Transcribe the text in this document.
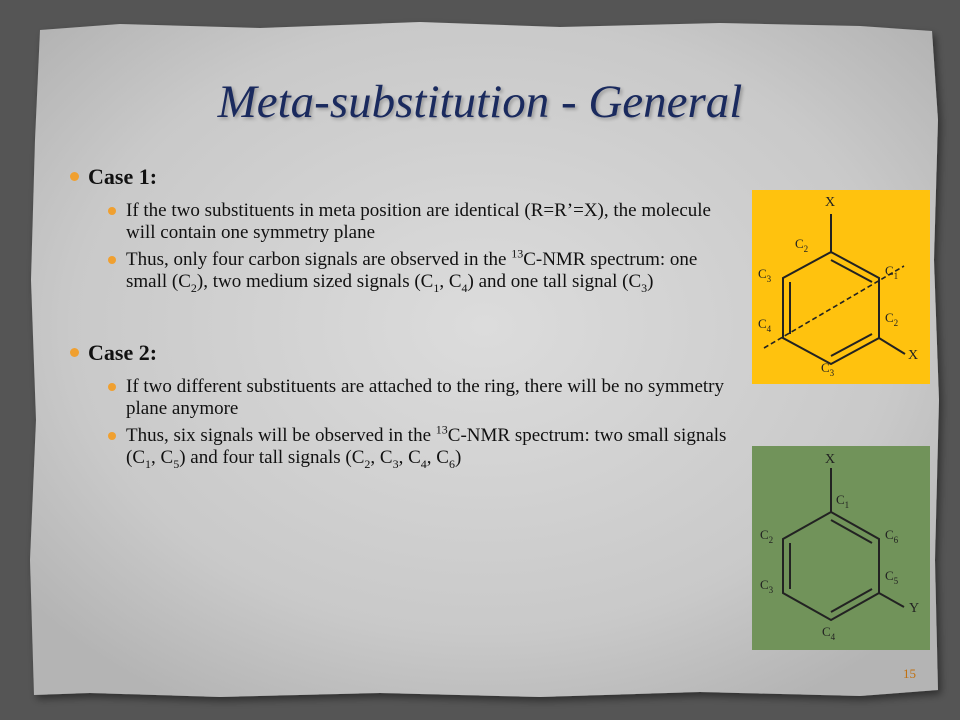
Meta-substitution - General
Case 1:
If the two substituents in meta position are identical (R=R’=X), the molecule will contain one symmetry plane
Thus, only four carbon signals are observed in the $^{13}$C-NMR spectrum: one small $(C_2)$, two medium sized signals ($C_1$, $C_4$) and one tall signal $(C_3)$
Case 2:
If two different substituents are attached to the ring, there will be no symmetry plane anymore
Thus, six signals will be observed in the $^{13}$C-NMR spectrum: two small signals ($C_1$, $C_5$) and four tall signals ($C_2$, $C_3$, $C_4$, $C_6$)
X
X
$C_2$
$C_3$
$C_1$
$C_4$
$C_2$
$C_3$
X
Y
$C_1$
$C_2$	$C_6$
$C_3$
$C_5$
$C_4$
15
